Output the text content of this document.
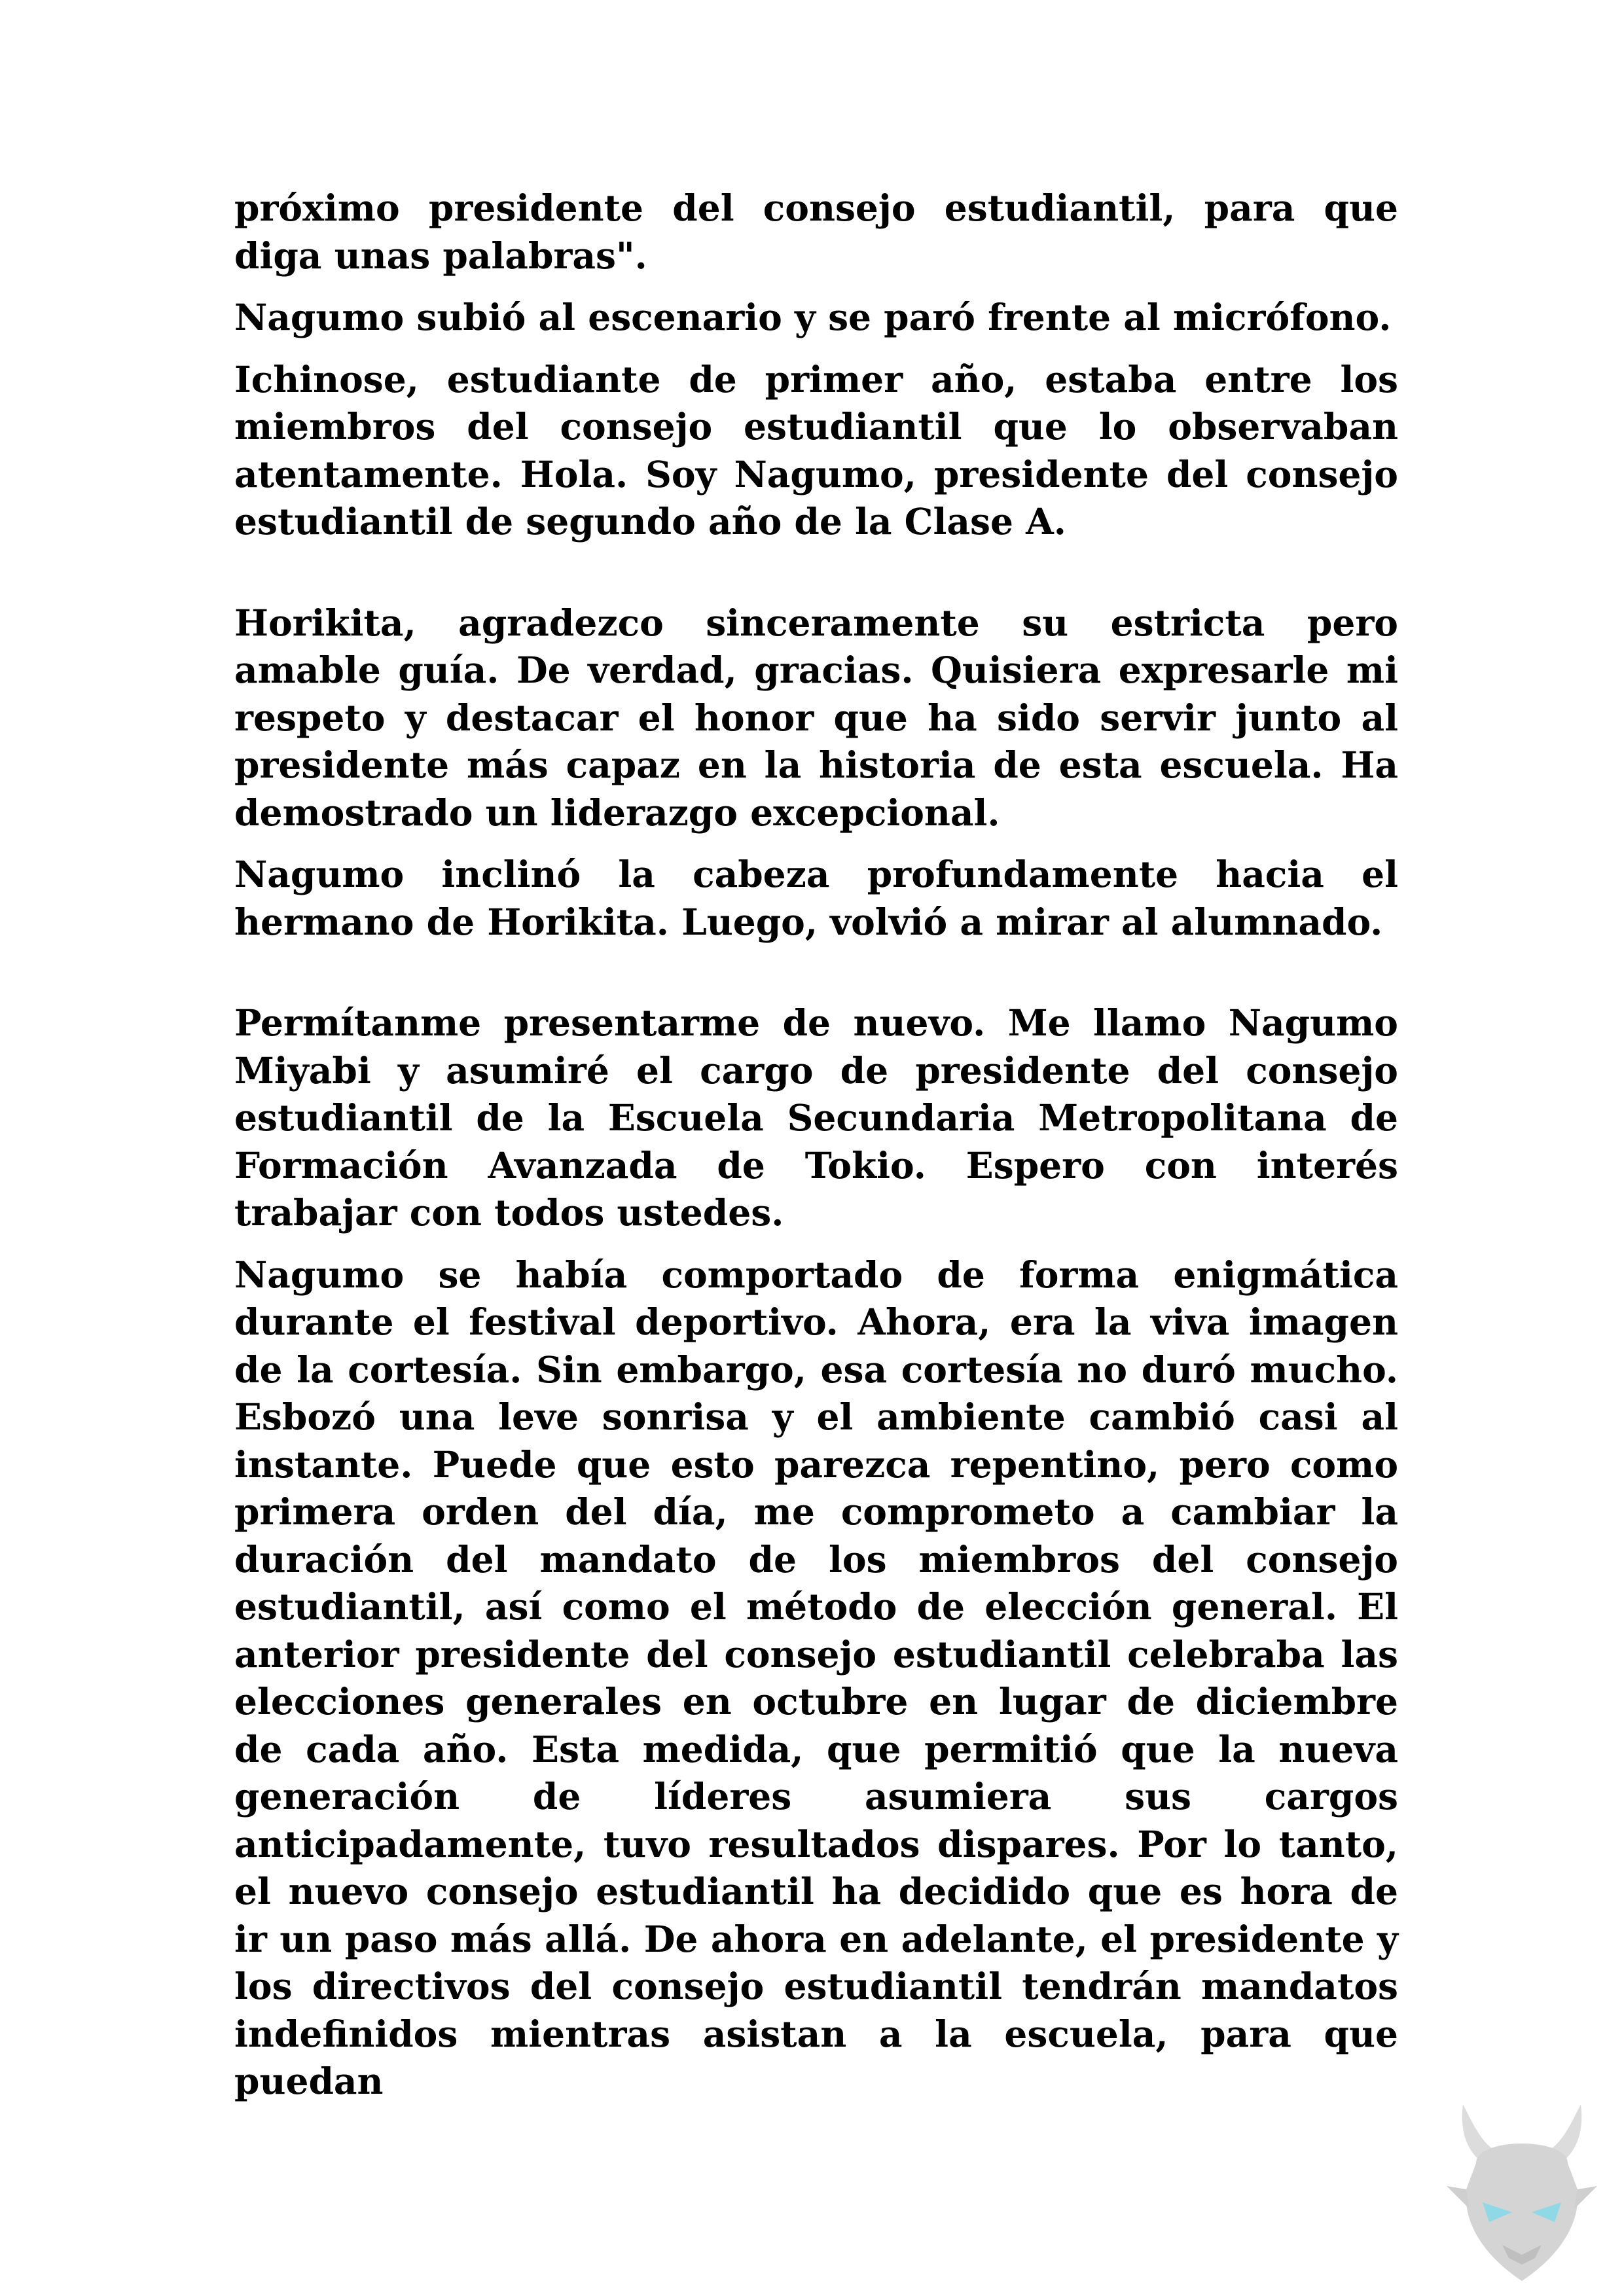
próximo presidente del consejo estudiantil, para que diga unas palabras".

Nagumo subió al escenario y se paró frente al micrófono.

Ichinose, estudiante de primer año, estaba entre los miembros del consejo estudiantil que lo observaban atentamente. Hola. Soy Nagumo, presidente del consejo estudiantil de segundo año de la Clase A.

Horikita, agradezco sinceramente su estricta pero amable guía. De verdad, gracias. Quisiera expresarle mi respeto y destacar el honor que ha sido servir junto al presidente más capaz en la historia de esta escuela. Ha demostrado un liderazgo excepcional.

Nagumo inclinó la cabeza profundamente hacia el hermano de Horikita. Luego, volvió a mirar al alumnado.

Permítanme presentarme de nuevo. Me llamo Nagumo Miyabi y asumiré el cargo de presidente del consejo estudiantil de la Escuela Secundaria Metropolitana de Formación Avanzada de Tokio. Espero con interés trabajar con todos ustedes.

Nagumo se había comportado de forma enigmática durante el festival deportivo. Ahora, era la viva imagen de la cortesía. Sin embargo, esa cortesía no duró mucho. Esbozó una leve sonrisa y el ambiente cambió casi al instante. Puede que esto parezca repentino, pero como primera orden del día, me comprometo a cambiar la duración del mandato de los miembros del consejo estudiantil, así como el método de elección general. El anterior presidente del consejo estudiantil celebraba las elecciones generales en octubre en lugar de diciembre de cada año. Esta medida, que permitió que la nueva generación de líderes asumiera sus cargos anticipadamente, tuvo resultados dispares. Por lo tanto, el nuevo consejo estudiantil ha decidido que es hora de ir un paso más allá. De ahora en adelante, el presidente y los directivos del consejo estudiantil tendrán mandatos indefinidos mientras asistan a la escuela, para que puedan
